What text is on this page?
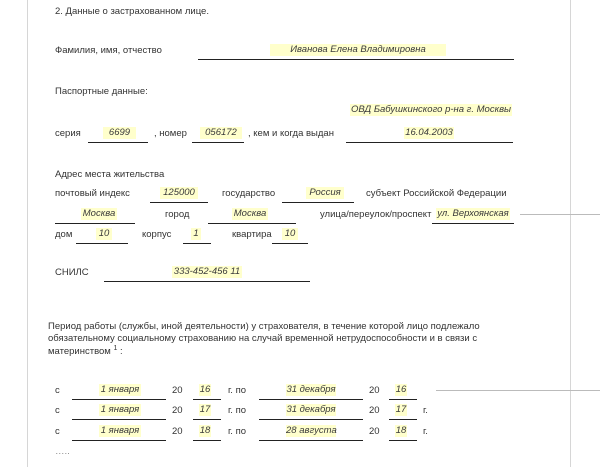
2. Данные о застрахованном лице.
Фамилия, имя, отчество	Иванова Елена Владимировна
Паспортные данные:
ОВД Бабушкинского р-на г. Москвы
серия	6699	, номер	056172	, кем и когда выдан	16.04.2003
Адрес места жительства
почтовый индекс	125000	государство	Россия	субъект Российской Федерации
Москва	город	Москва	улица/переулок/проспект ул. Верхоянская
дом	10	корпус 1	квартира 10
СНИЛС	333-452-456 11
Период работы (службы, иной деятельности) у страхователя, в течение которой лицо подлежало
обязательному социальному страхованию на случай временной нетрудоспособности и в связи с
материнством $^1$ :
с	1 января	20 16 г. по	31 декабря	20 16
с	1 января	20 17 г. по	31 декабря	20 17 г.
с	1 января	20 18 г. по	28 августа	20 18 г.
…..
